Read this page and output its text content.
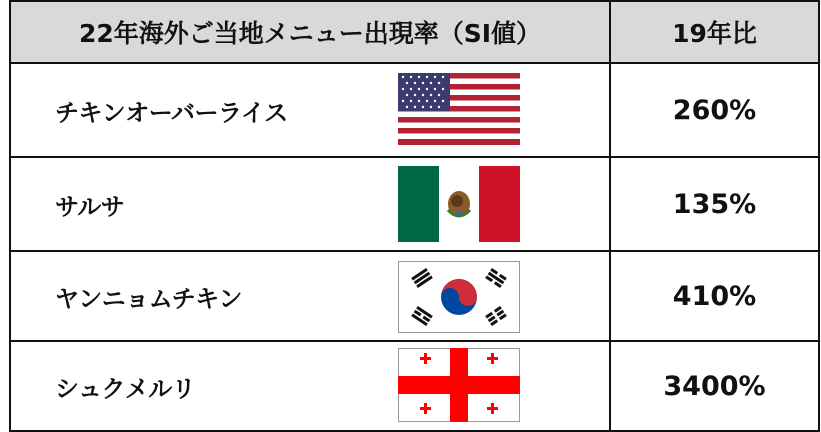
22年海外ご当地メニュー出現率（SI値）	19年比
チキンオーバーライス	260%
サルサ	135%
ヤンニョムチキン	410%
シュクメルリ	3400%
